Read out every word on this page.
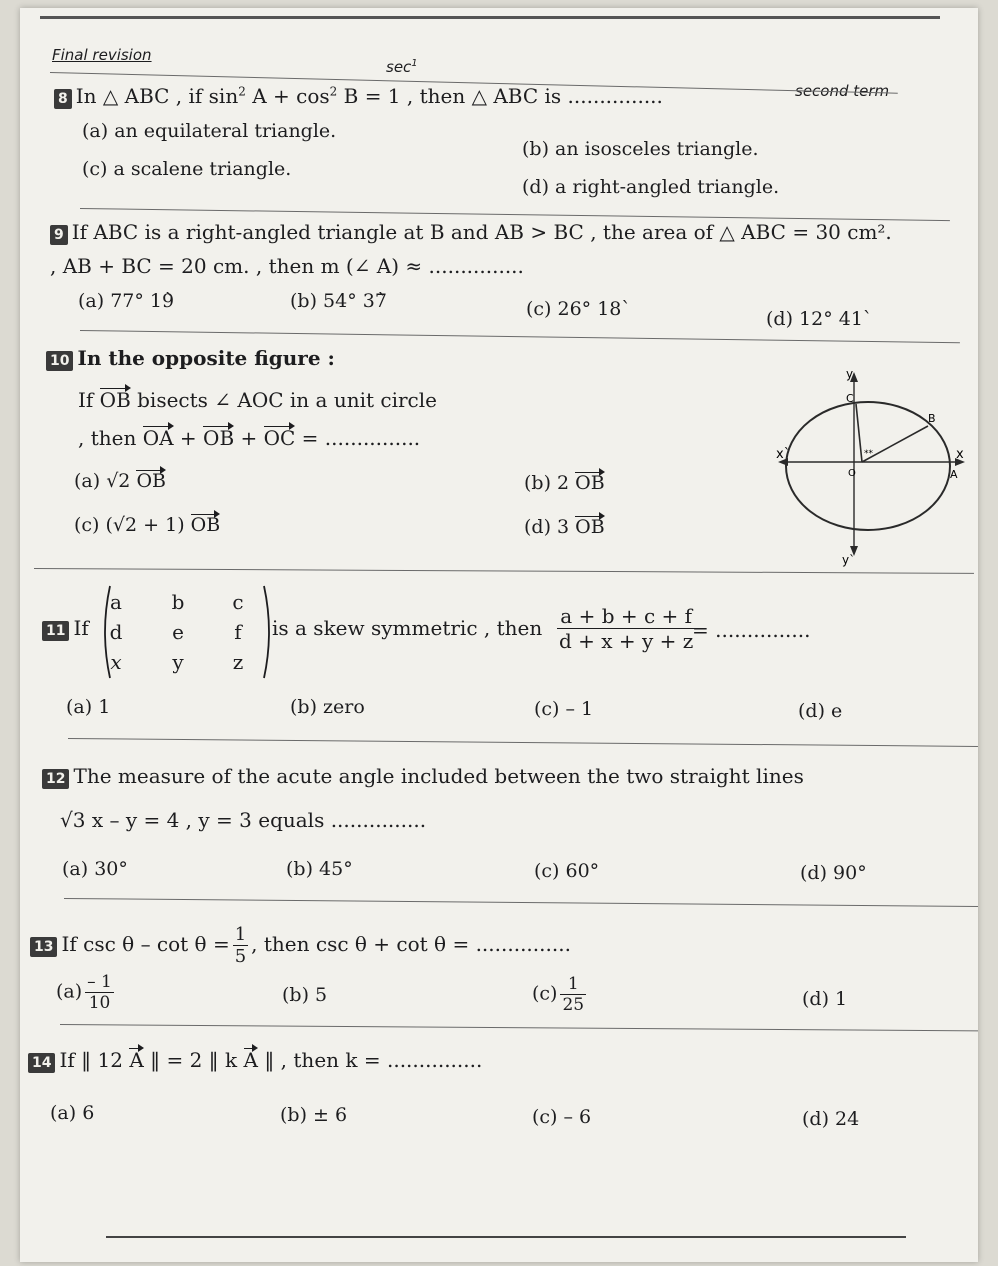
Final revision
$\sec^1$
second term
8 In △ ABC , if $\sin^2 A + \cos^2 B = 1$ , then △ ABC is ...............
(a) an equilateral triangle.
(b) an isosceles triangle.
(c) a scalene triangle.
(d) a right-angled triangle.
9 If ABC is a right-angled triangle at B and AB > BC , the area of △ ABC = 30 cm².
, AB + BC = 20 cm. , then m (∠ A) ≈ ...............
(a) 77° 19̀	(b) 54° 37̀	(c) 26° 18`	(d) 12° 41`
10 In the opposite figure :
If OB bisects ∠ AOC in a unit circle
, then OA + OB + OC = ...............
(a) √2 OB	(b) 2 OB
(c) (√2 + 1) OB	(d) 3 OB
y
y`
x
x`
C
B
O	A
**
11 If
a	b	c
d	e	f
x	y	z
is a skew symmetric , then $\frac{a + b + c + f}{d + x + y + z}$
= ...............
(a) 1	(b) zero	(c) – 1	(d) e
12 The measure of the acute angle included between the two straight lines
√3 x – y = 4 , y = 3 equals ...............
(a) 30°	(b) 45°	(c) 60°	(d) 90°
13 If $\csc \theta - \cot \theta = \frac{1}{5}$ , then csc θ + cot θ = ...............
$(a) \frac{- 1}{10}$	(b) 5	$(c) \frac{1}{25}$	(d) 1
14 If ‖ 12 A ‖ = 2 ‖ k A ‖ , then k = ...............
(a) 6	(b) ± 6	(c) – 6	(d) 24
